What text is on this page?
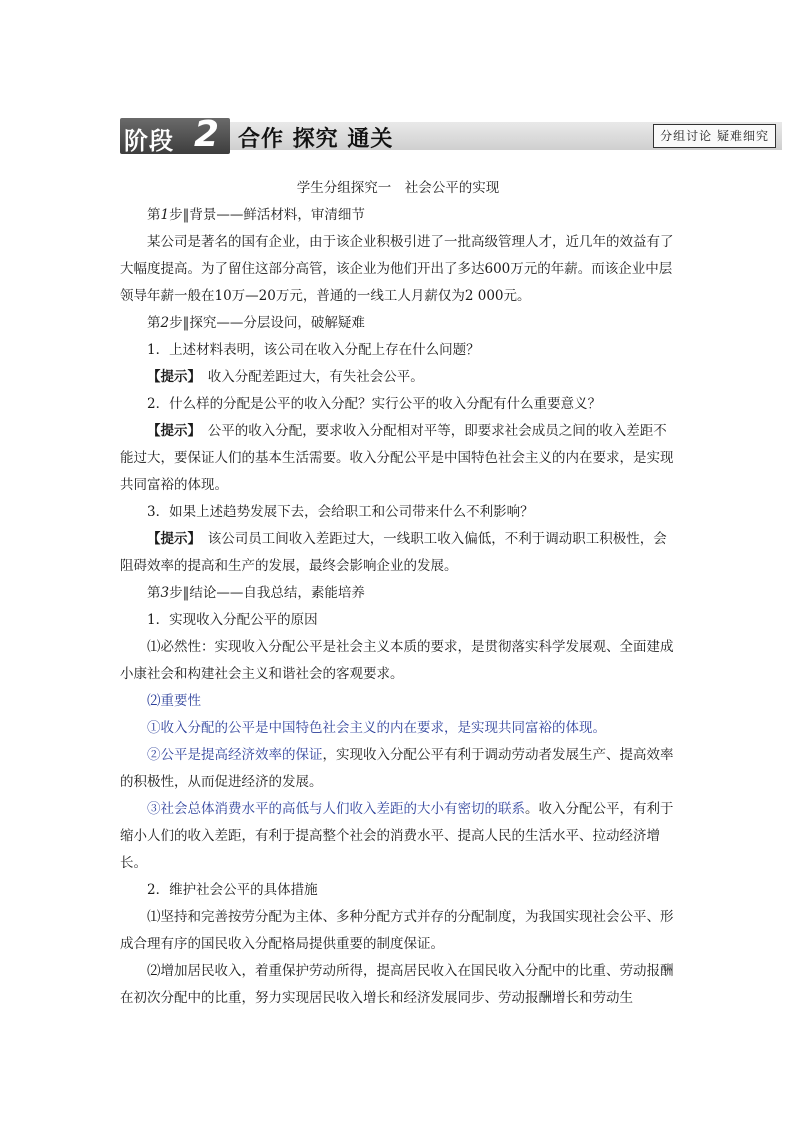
阶段 2 合作 探究 通关	分组讨论 疑难细究

学生分组探究一　社会公平的实现

第1步‖背景——鲜活材料，审清细节

某公司是著名的国有企业，由于该企业积极引进了一批高级管理人才，近几年的效益有了大幅度提高。为了留住这部分高管，该企业为他们开出了多达600万元的年薪。而该企业中层领导年薪一般在10万—20万元，普通的一线工人月薪仅为2 000元。

第2步‖探究——分层设问，破解疑难

1．上述材料表明，该公司在收入分配上存在什么问题？

【提示】　收入分配差距过大，有失社会公平。

2．什么样的分配是公平的收入分配？实行公平的收入分配有什么重要意义？

【提示】　公平的收入分配，要求收入分配相对平等，即要求社会成员之间的收入差距不能过大，要保证人们的基本生活需要。收入分配公平是中国特色社会主义的内在要求，是实现共同富裕的体现。

3．如果上述趋势发展下去，会给职工和公司带来什么不利影响？

【提示】　该公司员工间收入差距过大，一线职工收入偏低，不利于调动职工积极性，会阻碍效率的提高和生产的发展，最终会影响企业的发展。

第3步‖结论——自我总结，素能培养

1．实现收入分配公平的原因

⑴必然性：实现收入分配公平是社会主义本质的要求，是贯彻落实科学发展观、全面建成小康社会和构建社会主义和谐社会的客观要求。

⑵重要性

①收入分配的公平是中国特色社会主义的内在要求，是实现共同富裕的体现。

②公平是提高经济效率的保证，实现收入分配公平有利于调动劳动者发展生产、提高效率的积极性，从而促进经济的发展。

③社会总体消费水平的高低与人们收入差距的大小有密切的联系。收入分配公平，有利于缩小人们的收入差距，有利于提高整个社会的消费水平、提高人民的生活水平、拉动经济增长。

2．维护社会公平的具体措施

⑴坚持和完善按劳分配为主体、多种分配方式并存的分配制度，为我国实现社会公平、形成合理有序的国民收入分配格局提供重要的制度保证。

⑵增加居民收入，着重保护劳动所得，提高居民收入在国民收入分配中的比重、劳动报酬在初次分配中的比重，努力实现居民收入增长和经济发展同步、劳动报酬增长和劳动生
